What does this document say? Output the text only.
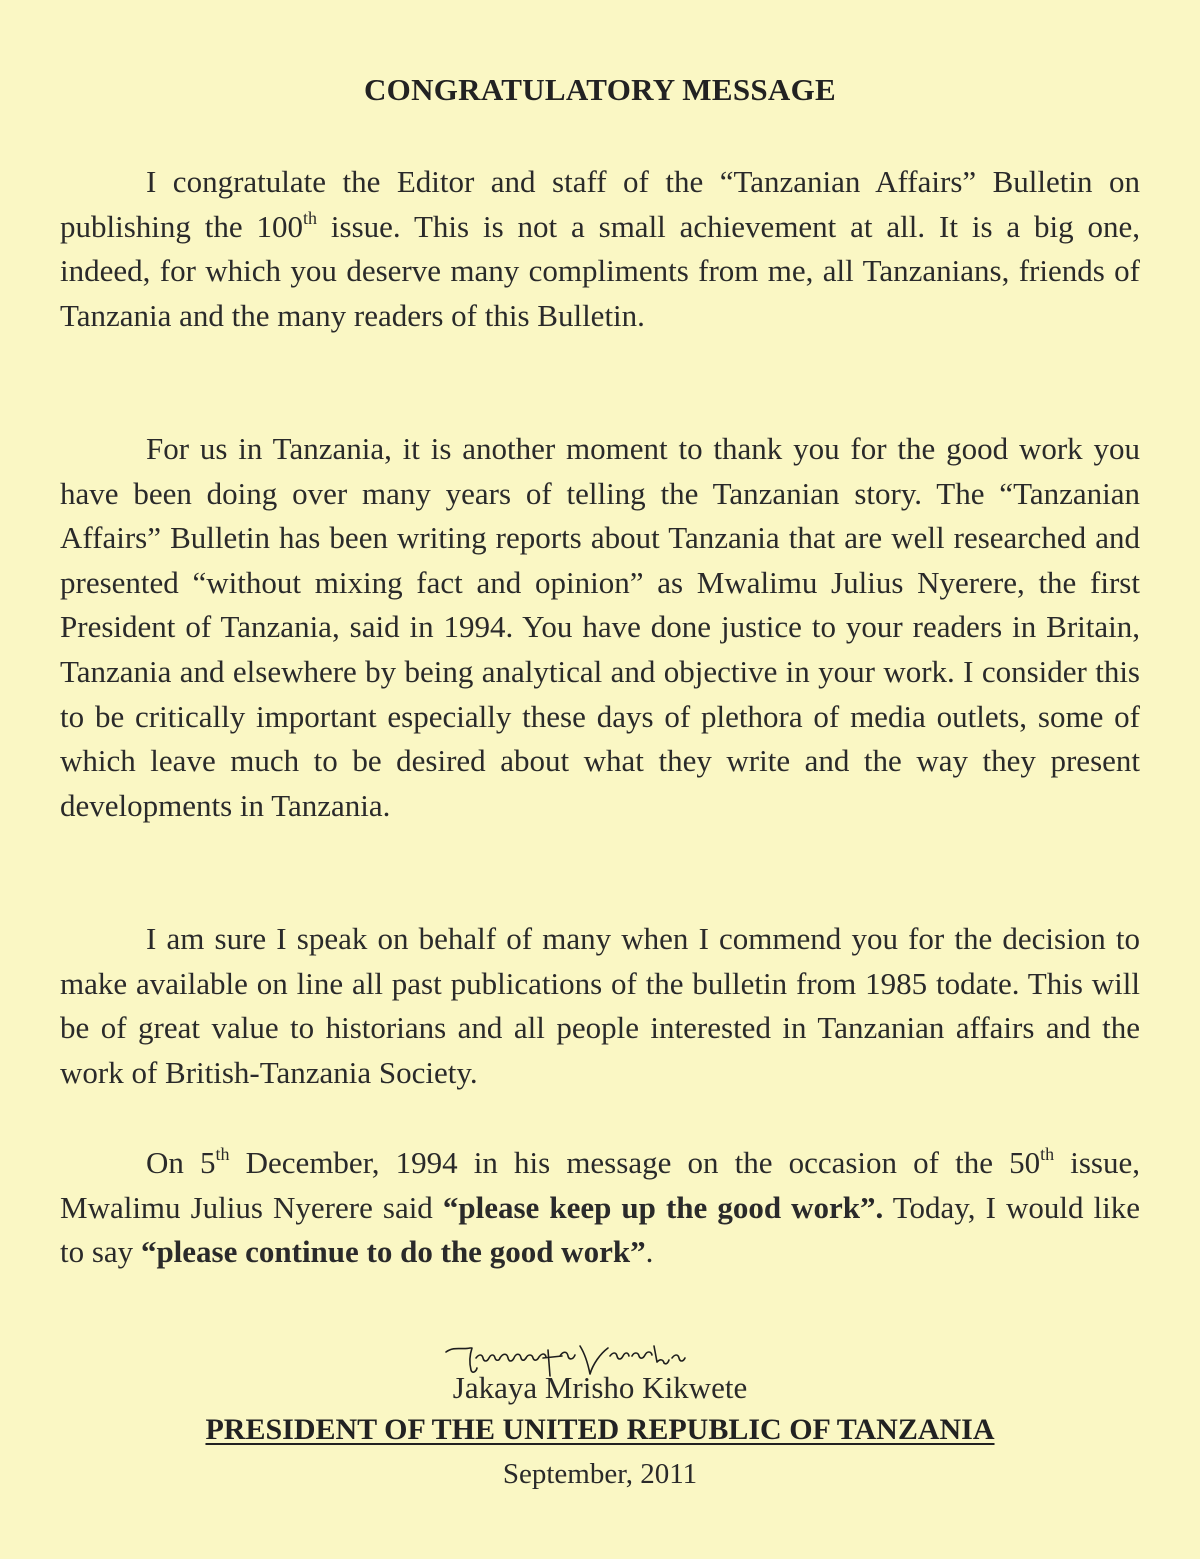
CONGRATULATORY MESSAGE

I congratulate the Editor and staff of the “Tanzanian Affairs” Bulletin on publishing the 100th issue. This is not a small achievement at all. It is a big one, indeed, for which you deserve many compliments from me, all Tanzanians, friends of Tanzania and the many readers of this Bulletin.

For us in Tanzania, it is another moment to thank you for the good work you have been doing over many years of telling the Tanzanian story. The “Tanzanian Affairs” Bulletin has been writing reports about Tanzania that are well researched and presented “without mixing fact and opinion” as Mwalimu Julius Nyerere, the first President of Tanzania, said in 1994. You have done justice to your readers in Britain, Tanzania and elsewhere by being analytical and objective in your work. I consider this to be critically important especially these days of plethora of media outlets, some of which leave much to be desired about what they write and the way they present developments in Tanzania.

I am sure I speak on behalf of many when I commend you for the decision to make available on line all past publications of the bulletin from 1985 todate. This will be of great value to historians and all people interested in Tanzanian affairs and the work of British-Tanzania Society.

On 5th December, 1994 in his message on the occasion of the 50th issue, Mwalimu Julius Nyerere said “please keep up the good work”. Today, I would like to say “please continue to do the good work”.

Jakaya Mrisho Kikwete
PRESIDENT OF THE UNITED REPUBLIC OF TANZANIA
September, 2011
